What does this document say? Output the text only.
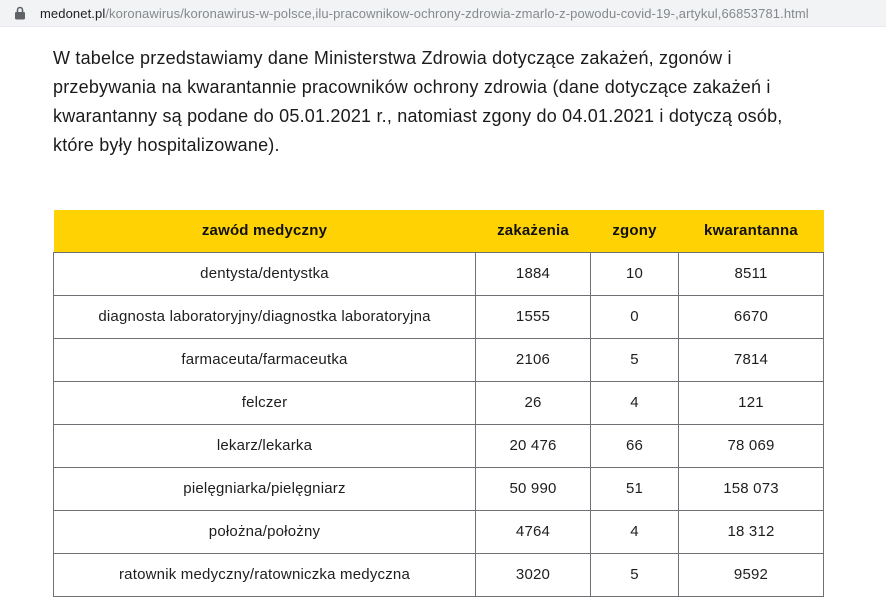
medonet.pl/koronawirus/koronawirus-w-polsce,ilu-pracownikow-ochrony-zdrowia-zmarlo-z-powodu-covid-19-,artykul,66853781.html

W tabelce przedstawiamy dane Ministerstwa Zdrowia dotyczące zakażeń, zgonów i przebywania na kwarantannie pracowników ochrony zdrowia (dane dotyczące zakażeń i kwarantanny są podane do 05.01.2021 r., natomiast zgony do 04.01.2021 i dotyczą osób, które były hospitalizowane).

zawód medyczny	zakażenia	zgony	kwarantanna
dentysta/dentystka	1884	10	8511
diagnosta laboratoryjny/diagnostka laboratoryjna	1555	0	6670
farmaceuta/farmaceutka	2106	5	7814
felczer	26	4	121
lekarz/lekarka	20 476	66	78 069
pielęgniarka/pielęgniarz	50 990	51	158 073
położna/położny	4764	4	18 312
ratownik medyczny/ratowniczka medyczna	3020	5	9592
